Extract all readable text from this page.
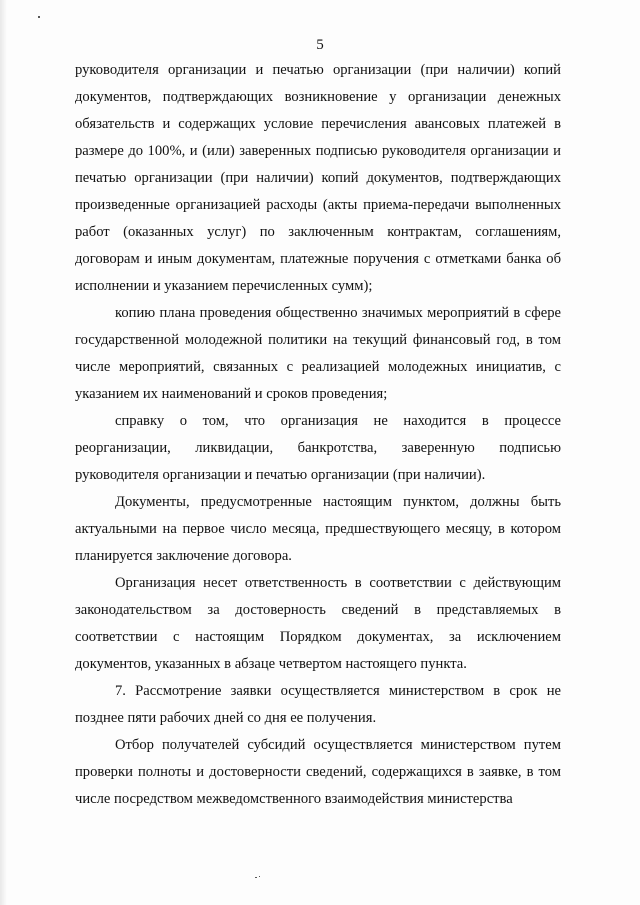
5

руководителя организации и печатью организации (при наличии) копий документов, подтверждающих возникновение у организации денежных обязательств и содержащих условие перечисления авансовых платежей в размере до 100%, и (или) заверенных подписью руководителя организации и печатью организации (при наличии) копий документов, подтверждающих произведенные организацией расходы (акты приема-передачи выполненных работ (оказанных услуг) по заключенным контрактам, соглашениям, договорам и иным документам, платежные поручения с отметками банка об исполнении и указанием перечисленных сумм);

копию плана проведения общественно значимых мероприятий в сфере государственной молодежной политики на текущий финансовый год, в том числе мероприятий, связанных с реализацией молодежных инициатив, с указанием их наименований и сроков проведения;

справку о том, что организация не находится в процессе реорганизации, ликвидации, банкротства, заверенную подписью руководителя организации и печатью организации (при наличии).

Документы, предусмотренные настоящим пунктом, должны быть актуальными на первое число месяца, предшествующего месяцу, в котором планируется заключение договора.

Организация несет ответственность в соответствии с действующим законодательством за достоверность сведений в представляемых в соответствии с настоящим Порядком документах, за исключением документов, указанных в абзаце четвертом настоящего пункта.

7. Рассмотрение заявки осуществляется министерством в срок не позднее пяти рабочих дней со дня ее получения.

Отбор получателей субсидий осуществляется министерством путем проверки полноты и достоверности сведений, содержащихся в заявке, в том числе посредством межведомственного взаимодействия министерства
